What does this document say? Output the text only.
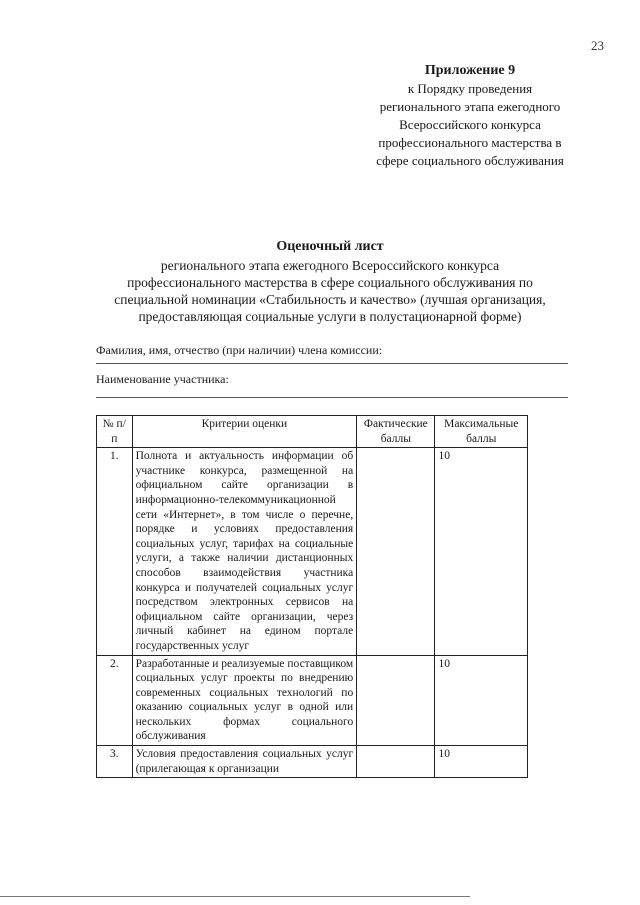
23
Приложение 9
к Порядку проведения
регионального этапа ежегодного
Всероссийского конкурса
профессионального мастерства в
сфере социального обслуживания
Оценочный лист
регионального этапа ежегодного Всероссийского конкурса
профессионального мастерства в сфере социального обслуживания по
специальной номинации «Стабильность и качество» (лучшая организация,
предоставляющая социальные услуги в полустационарной форме)
Фамилия, имя, отчество (при наличии) члена комиссии:
Наименование участника:
№ п/п	Критерии оценки	Фактические баллы	Максимальные баллы
1.	Полнота и актуальность информации об участнике конкурса, размещенной на официальном сайте организации в информационно-телекоммуникационной сети «Интернет», в том числе о перечне, порядке и условиях предоставления социальных услуг, тарифах на социальные услуги, а также наличии дистанционных способов взаимодействия участника конкурса и получателей социальных услуг посредством электронных сервисов на официальном сайте организации, через личный кабинет на едином портале государственных услуг		10
2.	Разработанные и реализуемые поставщиком социальных услуг проекты по внедрению современных социальных технологий по оказанию социальных услуг в одной или нескольких формах социального обслуживания		10
3.	Условия предоставления социальных услуг (прилегающая к организации		10
